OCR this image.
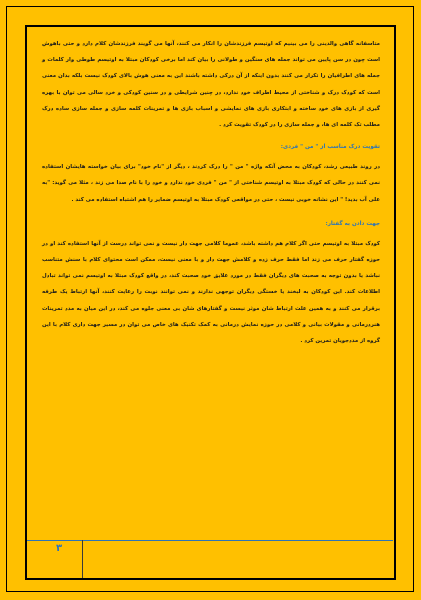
متاسفانه گاهی والدینی را می بینیم که اوتیسم فرزندشان را انکار می کنند، آنها می گویند فرزندشان کلام دارد و حتی باهوش است چون در سن پایین می تواند جمله های سنگین و طولانی را بیان کند اما برخی کودکان مبتلا به اوتیسم طوطی وار کلمات و جمله های اطرافیان را تکرار می کنند بدون اینکه از آن درکی داشته باشند این به معنی هوش بالای کودک نیست بلکه بدان معنی است که کودک درک و شناختی از محیط اطراف خود ندارد، در چنین شرایطی و در سنین کودکی و خرد سالی می توان با بهره گیری از بازی های خود ساخته و ابتکاری بازی های نمایشی و اسباب بازی ها و تمرینات کلمه سازی و جمله سازی ساده درک مطلب تک کلمه ای ها، و جمله سازی را در کودک تقویت کرد .

تقویت درک مناسب از " من " فردی:

در روند طبیعی رشد، کودکان به محض آنکه واژه " من " را درک کردند ، دیگر از "نام خود" برای بیان خواسته هایشان استفاده نمی کنند در حالی که کودک مبتلا به اوتیسم شناختی از " من " فردی خود ندارد و خود را با نام صدا می زند ، مثلا می گوید: "به علی آب بدید! " این نشانه خوبی نیست ، حتی در مواقعی کودک مبتلا به اوتیسم ضمایر را هم اشتباه استفاده می کند .

جهت دادن به گفتار:

کودک مبتلا به اوتیسم حتی اگر کلام هم داشته باشد، عموما کلامی جهت دار نیست و نمی تواند درست از آنها استفاده کند او در حوزه گفتار حرف می زند اما فقط حرف زده و کلامش جهت دار و با معنی نیست، ممکن است محتوای کلام با سنش متناسب نباشد یا بدون توجه به صحبت های دیگران فقط در مورد علایق خود صحبت کند، در واقع کودک مبتلا به اوتیسم نمی تواند تبادل اطلاعات کند. این کودکان به لبخند یا خستگی دیگران توجهی ندارند و نمی توانند نوبت را رعایت کنند، آنها ارتباط یک طرفه برقرار می کنند و به همین علت ارتباط شان موثر نیست و گفتارهای شان بی معنی جلوه می کند، در این میان به مدد تمرینات هنردرمانی و مقولات بیانی و کلامی در حوزه نمایش درمانی به کمک تکنیک های خاص می توان در مسیر جهت داری کلام با این گروه از مددجویان تمرین کرد .

۳
